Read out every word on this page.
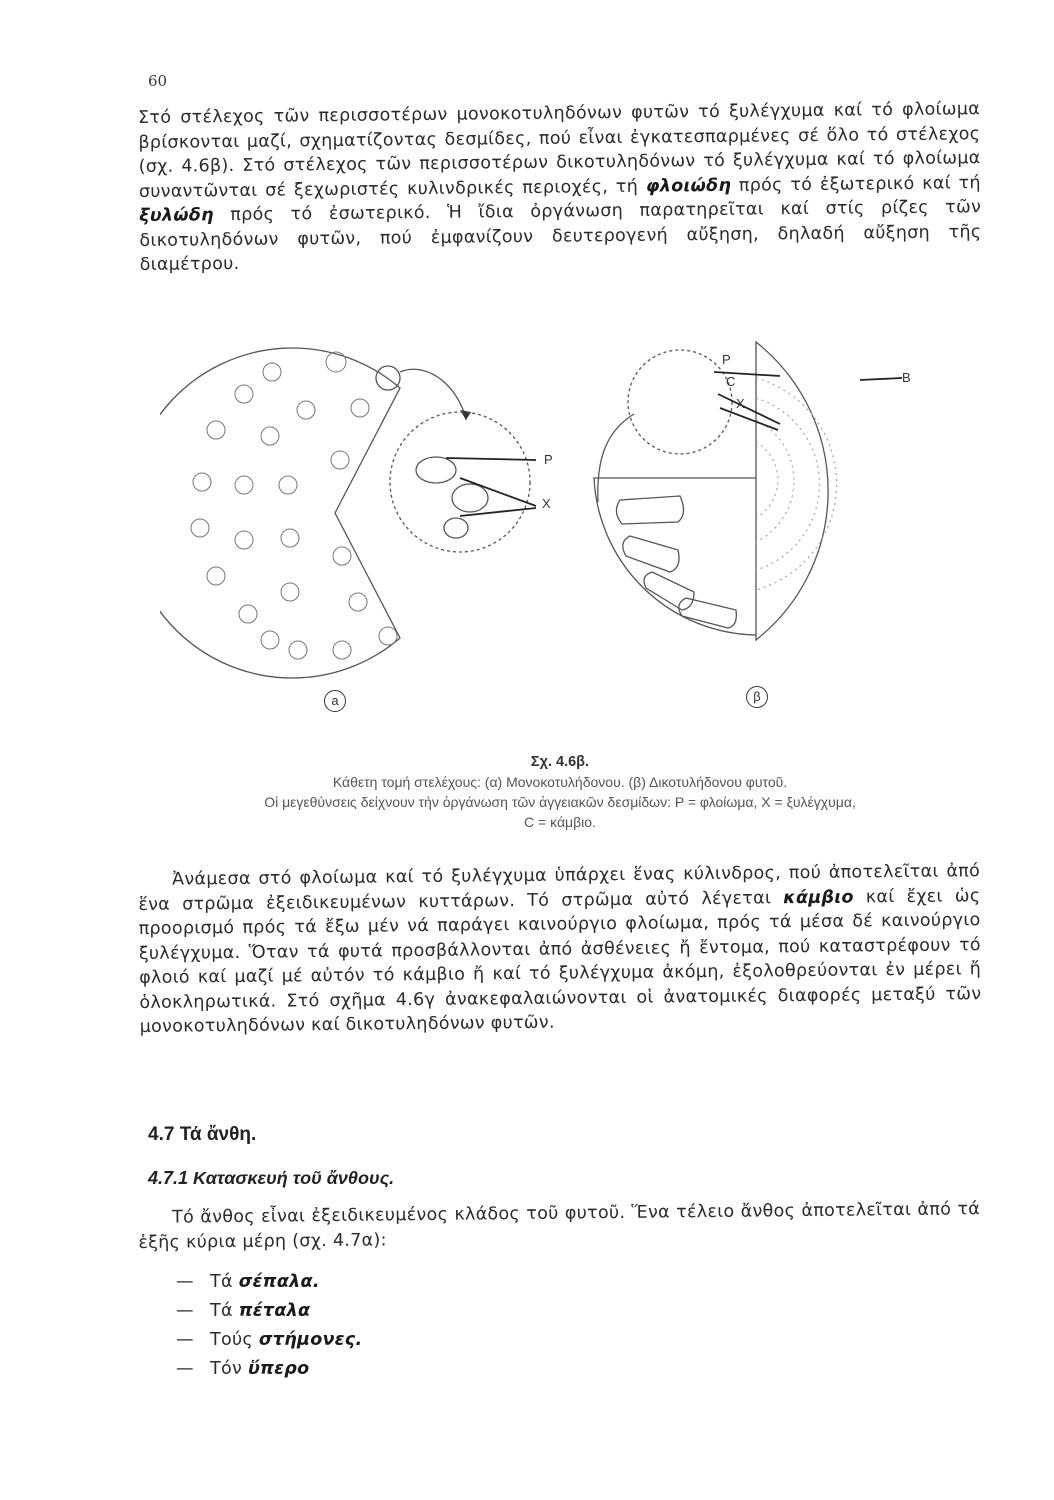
60

Στό στέλεχος τῶν περισσοτέρων μονοκοτυληδόνων φυτῶν τό ξυλέγχυμα καί τό φλοίωμα βρίσκονται μαζί, σχηματίζοντας δεσμίδες, πού εἶναι ἐγκατεσπαρμένες σέ ὅλο τό στέλεχος (σχ. 4.6β). Στό στέλεχος τῶν περισσοτέρων δικοτυληδόνων τό ξυλέγχυμα καί τό φλοίωμα συναντῶνται σέ ξεχωριστές κυλινδρικές περιοχές, τή φλοιώδη πρός τό ἐξωτερικό καί τή ξυλώδη πρός τό ἐσωτερικό. Ἡ ἴδια ὀργάνωση παρατηρεῖται καί στίς ρίζες τῶν δικοτυληδόνων φυτῶν, πού ἐμφανίζουν δευτερογενή αὔξηση, δηλαδή αὔξηση τῆς διαμέτρου.

P
X
P
C
X
B
a	β
Σχ. 4.6β.
Κάθετη τομή στελέχους: (α) Μονοκοτυλήδονου. (β) Δικοτυλήδονου φυτοῦ.
Οἱ μεγεθύνσεις δείχνουν τήν ὀργάνωση τῶν ἀγγειακῶν δεσμίδων: Ρ = φλοίωμα, Χ = ξυλέγχυμα,
C = κάμβιο.

Ἀνάμεσα στό φλοίωμα καί τό ξυλέγχυμα ὑπάρχει ἕνας κύλινδρος, πού ἀποτελεῖται ἀπό ἕνα στρῶμα ἐξειδικευμένων κυττάρων. Τό στρῶμα αὐτό λέγεται κάμβιο καί ἔχει ὡς προορισμό πρός τά ἔξω μέν νά παράγει καινούργιο φλοίωμα, πρός τά μέσα δέ καινούργιο ξυλέγχυμα. Ὅταν τά φυτά προσβάλλονται ἀπό ἀσθένειες ἤ ἔντομα, πού καταστρέφουν τό φλοιό καί μαζί μέ αὐτόν τό κάμβιο ἤ καί τό ξυλέγχυμα ἀκόμη, ἐξολοθρεύονται ἐν μέρει ἤ ὁλοκληρωτικά. Στό σχῆμα 4.6γ ἀνακεφαλαιώνονται οἱ ἀνατομικές διαφορές μεταξύ τῶν μονοκοτυληδόνων καί δικοτυληδόνων φυτῶν.

4.7 Τά ἄνθη.
4.7.1 Κατασκευή τοῦ ἄνθους.

Τό ἄνθος εἶναι ἐξειδικευμένος κλάδος τοῦ φυτοῦ. Ἕνα τέλειο ἄνθος ἀποτελεῖται ἀπό τά ἑξῆς κύρια μέρη (σχ. 4.7α):

— Τά σέπαλα.
— Τά πέταλα
— Τούς στήμονες.
— Τόν ὕπερο
